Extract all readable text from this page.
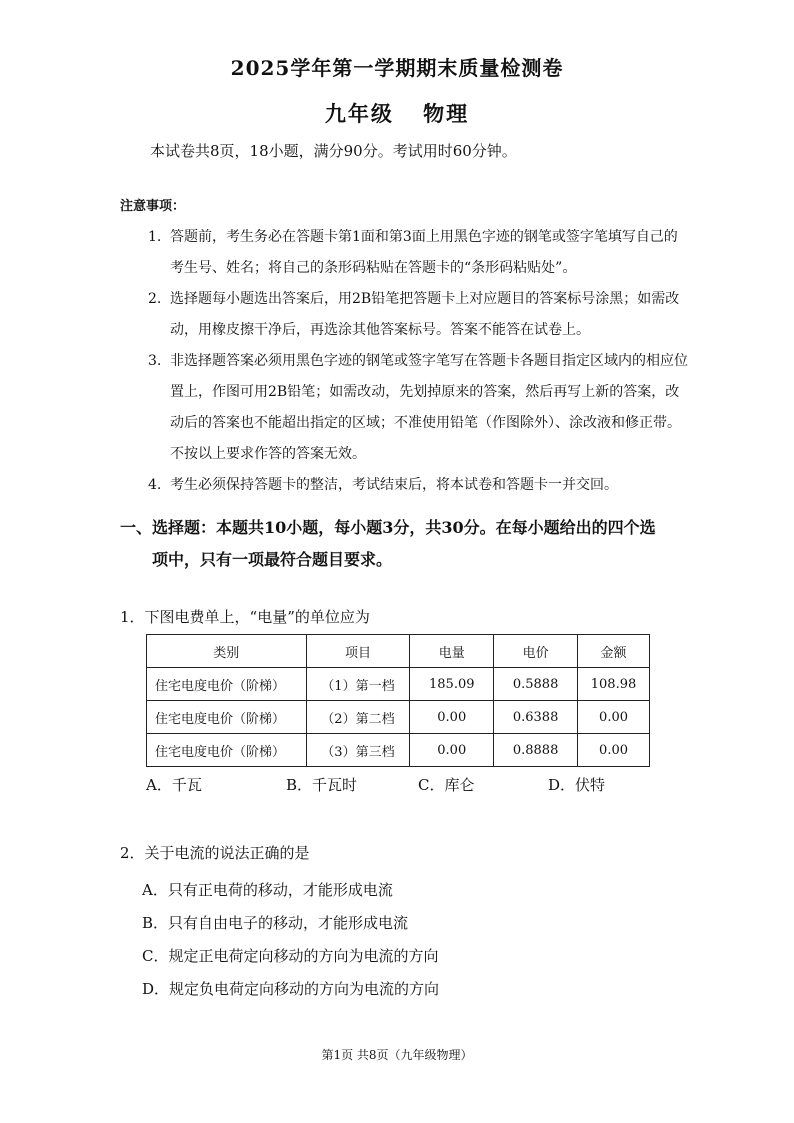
2025学年第一学期期末质量检测卷
九年级 物理
本试卷共8页，18小题，满分90分。考试用时60分钟。
注意事项：
1. 答题前，考生务必在答题卡第1面和第3面上用黑色字迹的钢笔或签字笔填写自己的考生号、姓名；将自己的条形码粘贴在答题卡的“条形码粘贴处”。
2. 选择题每小题选出答案后，用2B铅笔把答题卡上对应题目的答案标号涂黑；如需改动，用橡皮擦干净后，再选涂其他答案标号。答案不能答在试卷上。
3. 非选择题答案必须用黑色字迹的钢笔或签字笔写在答题卡各题目指定区域内的相应位置上，作图可用2B铅笔；如需改动，先划掉原来的答案，然后再写上新的答案，改动后的答案也不能超出指定的区域；不准使用铅笔（作图除外）、涂改液和修正带。不按以上要求作答的答案无效。
4. 考生必须保持答题卡的整洁，考试结束后，将本试卷和答题卡一并交回。
一、选择题：本题共10小题，每小题3分，共30分。在每小题给出的四个选
项中，只有一项最符合题目要求。
1．下图电费单上，“电量”的单位应为
类别	项目	电量	电价	金额
住宅电度电价（阶梯）	（1）第一档	185.09	0.5888	108.98
住宅电度电价（阶梯）	（2）第二档	0.00	0.6388	0.00
住宅电度电价（阶梯）	（3）第三档	0.00	0.8888	0.00
A．千瓦	B．千瓦时	C．库仑	D．伏特
2．关于电流的说法正确的是
A．只有正电荷的移动，才能形成电流
B．只有自由电子的移动，才能形成电流
C．规定正电荷定向移动的方向为电流的方向
D．规定负电荷定向移动的方向为电流的方向
第1页 共8页（九年级物理）
